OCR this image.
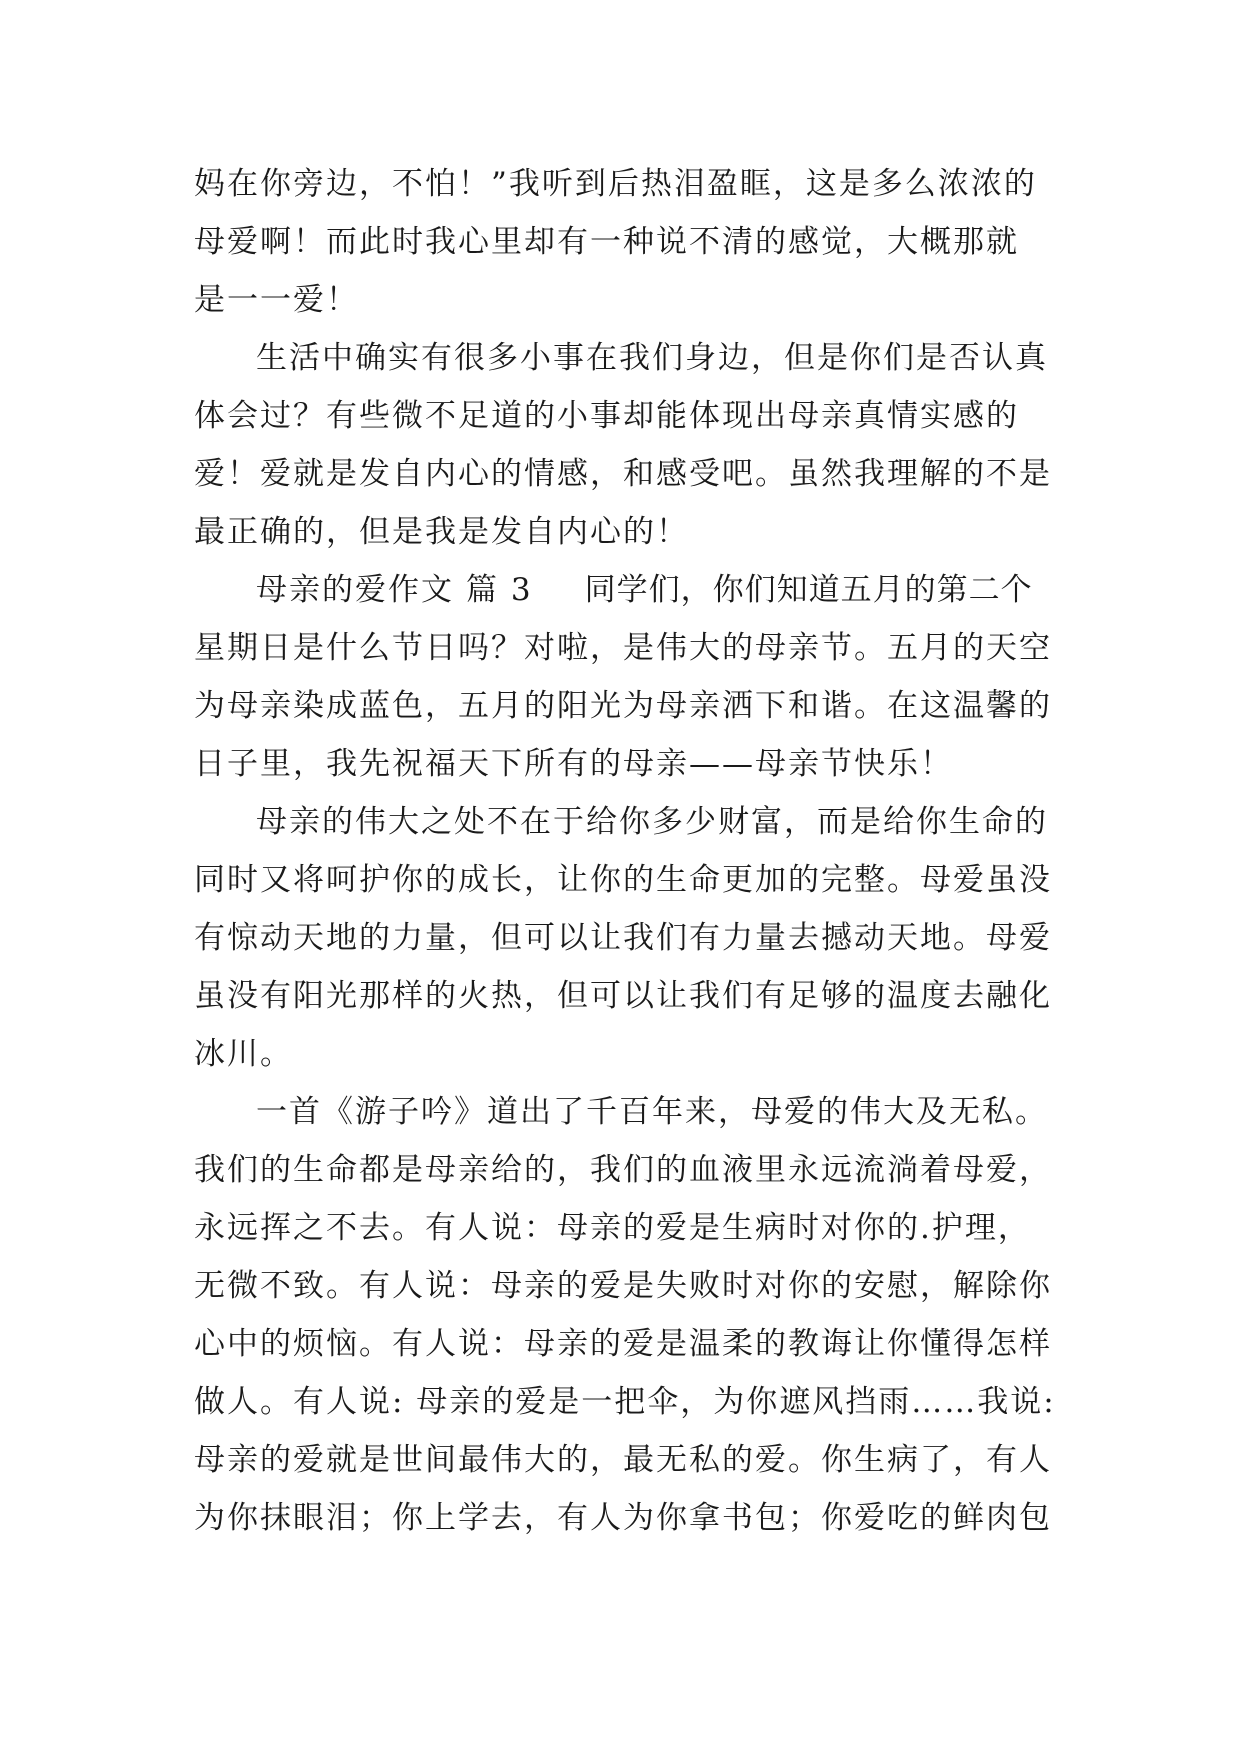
妈在你旁边，不怕！”我听到后热泪盈眶，这是多么浓浓的
母爱啊！而此时我心里却有一种说不清的感觉，大概那就
是一一爱！
生活中确实有很多小事在我们身边，但是你们是否认真
体会过？有些微不足道的小事却能体现出母亲真情实感的
爱！爱就是发自内心的情感，和感受吧。虽然我理解的不是
最正确的，但是我是发自内心的！
母亲的爱作文 篇 3 同学们，你们知道五月的第二个
星期日是什么节日吗？对啦，是伟大的母亲节。五月的天空
为母亲染成蓝色，五月的阳光为母亲洒下和谐。在这温馨的
日子里，我先祝福天下所有的母亲——母亲节快乐！
母亲的伟大之处不在于给你多少财富，而是给你生命的
同时又将呵护你的成长，让你的生命更加的完整。母爱虽没
有惊动天地的力量，但可以让我们有力量去撼动天地。母爱
虽没有阳光那样的火热，但可以让我们有足够的温度去融化
冰川。
一首《游子吟》道出了千百年来，母爱的伟大及无私。
我们的生命都是母亲给的，我们的血液里永远流淌着母爱，
永远挥之不去。有人说：母亲的爱是生病时对你的.护理，
无微不致。有人说：母亲的爱是失败时对你的安慰，解除你
心中的烦恼。有人说：母亲的爱是温柔的教诲让你懂得怎样
做人。有人说: 母亲的爱是一把伞，为你遮风挡雨……我说:
母亲的爱就是世间最伟大的，最无私的爱。你生病了，有人
为你抹眼泪；你上学去，有人为你拿书包；你爱吃的鲜肉包
